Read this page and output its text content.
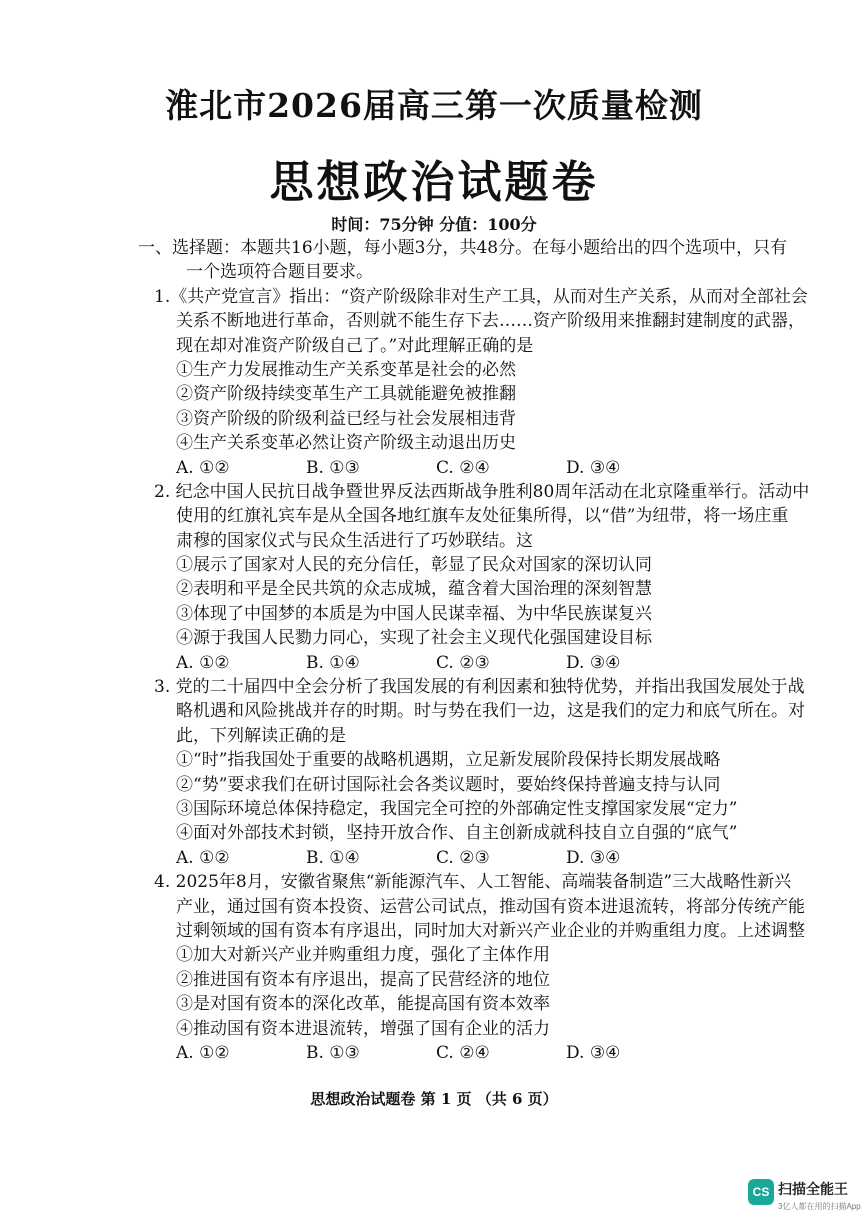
淮北市2026届高三第一次质量检测
思想政治试题卷
时间：75分钟 分值：100分
一、选择题：本题共16小题，每小题3分，共48分。在每小题给出的四个选项中，只有
一个选项符合题目要求。
1.《共产党宣言》指出：“资产阶级除非对生产工具，从而对生产关系，从而对全部社会
关系不断地进行革命，否则就不能生存下去……资产阶级用来推翻封建制度的武器，
现在却对准资产阶级自己了。”对此理解正确的是
①生产力发展推动生产关系变革是社会的必然
②资产阶级持续变革生产工具就能避免被推翻
③资产阶级的阶级利益已经与社会发展相违背
④生产关系变革必然让资产阶级主动退出历史
A. ①②	B. ①③	C. ②④	D. ③④
2. 纪念中国人民抗日战争暨世界反法西斯战争胜利80周年活动在北京隆重举行。活动中
使用的红旗礼宾车是从全国各地红旗车友处征集所得，以“借”为纽带，将一场庄重
肃穆的国家仪式与民众生活进行了巧妙联结。这
①展示了国家对人民的充分信任，彰显了民众对国家的深切认同
②表明和平是全民共筑的众志成城，蕴含着大国治理的深刻智慧
③体现了中国梦的本质是为中国人民谋幸福、为中华民族谋复兴
④源于我国人民勠力同心，实现了社会主义现代化强国建设目标
A. ①②	B. ①④	C. ②③	D. ③④
3. 党的二十届四中全会分析了我国发展的有利因素和独特优势，并指出我国发展处于战
略机遇和风险挑战并存的时期。时与势在我们一边，这是我们的定力和底气所在。对
此，下列解读正确的是
①“时”指我国处于重要的战略机遇期，立足新发展阶段保持长期发展战略
②“势”要求我们在研讨国际社会各类议题时，要始终保持普遍支持与认同
③国际环境总体保持稳定，我国完全可控的外部确定性支撑国家发展“定力”
④面对外部技术封锁，坚持开放合作、自主创新成就科技自立自强的“底气”
A. ①②	B. ①④	C. ②③	D. ③④
4. 2025年8月，安徽省聚焦“新能源汽车、人工智能、高端装备制造”三大战略性新兴
产业，通过国有资本投资、运营公司试点，推动国有资本进退流转，将部分传统产能
过剩领域的国有资本有序退出，同时加大对新兴产业企业的并购重组力度。上述调整
①加大对新兴产业并购重组力度，强化了主体作用
②推进国有资本有序退出，提高了民营经济的地位
③是对国有资本的深化改革，能提高国有资本效率
④推动国有资本进退流转，增强了国有企业的活力
A. ①②	B. ①③	C. ②④	D. ③④
思想政治试题卷 第 1 页 （共 6 页）
CS 扫描全能王
3亿人都在用的扫描App
